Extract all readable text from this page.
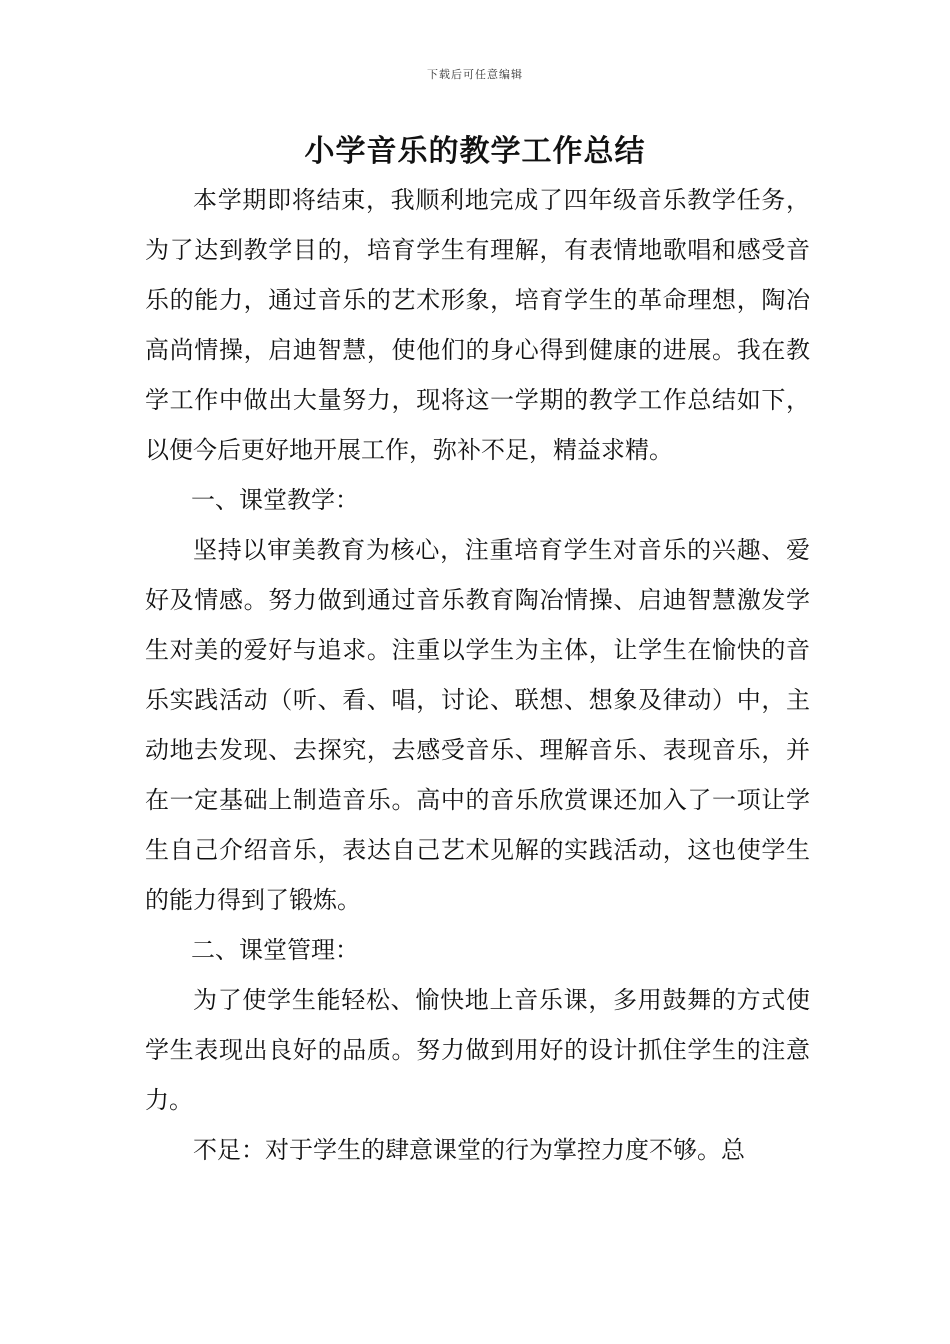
下载后可任意编辑
小学音乐的教学工作总结

本学期即将结束，我顺利地完成了四年级音乐教学任务，为了达到教学目的，培育学生有理解，有表情地歌唱和感受音乐的能力，通过音乐的艺术形象，培育学生的革命理想，陶冶高尚情操，启迪智慧，使他们的身心得到健康的进展。我在教学工作中做出大量努力，现将这一学期的教学工作总结如下，以便今后更好地开展工作，弥补不足，精益求精。

一、课堂教学：

坚持以审美教育为核心，注重培育学生对音乐的兴趣、爱好及情感。努力做到通过音乐教育陶冶情操、启迪智慧激发学生对美的爱好与追求。注重以学生为主体，让学生在愉快的音乐实践活动（听、看、唱，讨论、联想、想象及律动）中，主动地去发现、去探究，去感受音乐、理解音乐、表现音乐，并在一定基础上制造音乐。高中的音乐欣赏课还加入了一项让学生自己介绍音乐，表达自己艺术见解的实践活动，这也使学生的能力得到了锻炼。

二、课堂管理：

为了使学生能轻松、愉快地上音乐课，多用鼓舞的方式使学生表现出良好的品质。努力做到用好的设计抓住学生的注意力。

不足：对于学生的肆意课堂的行为掌控力度不够。总
